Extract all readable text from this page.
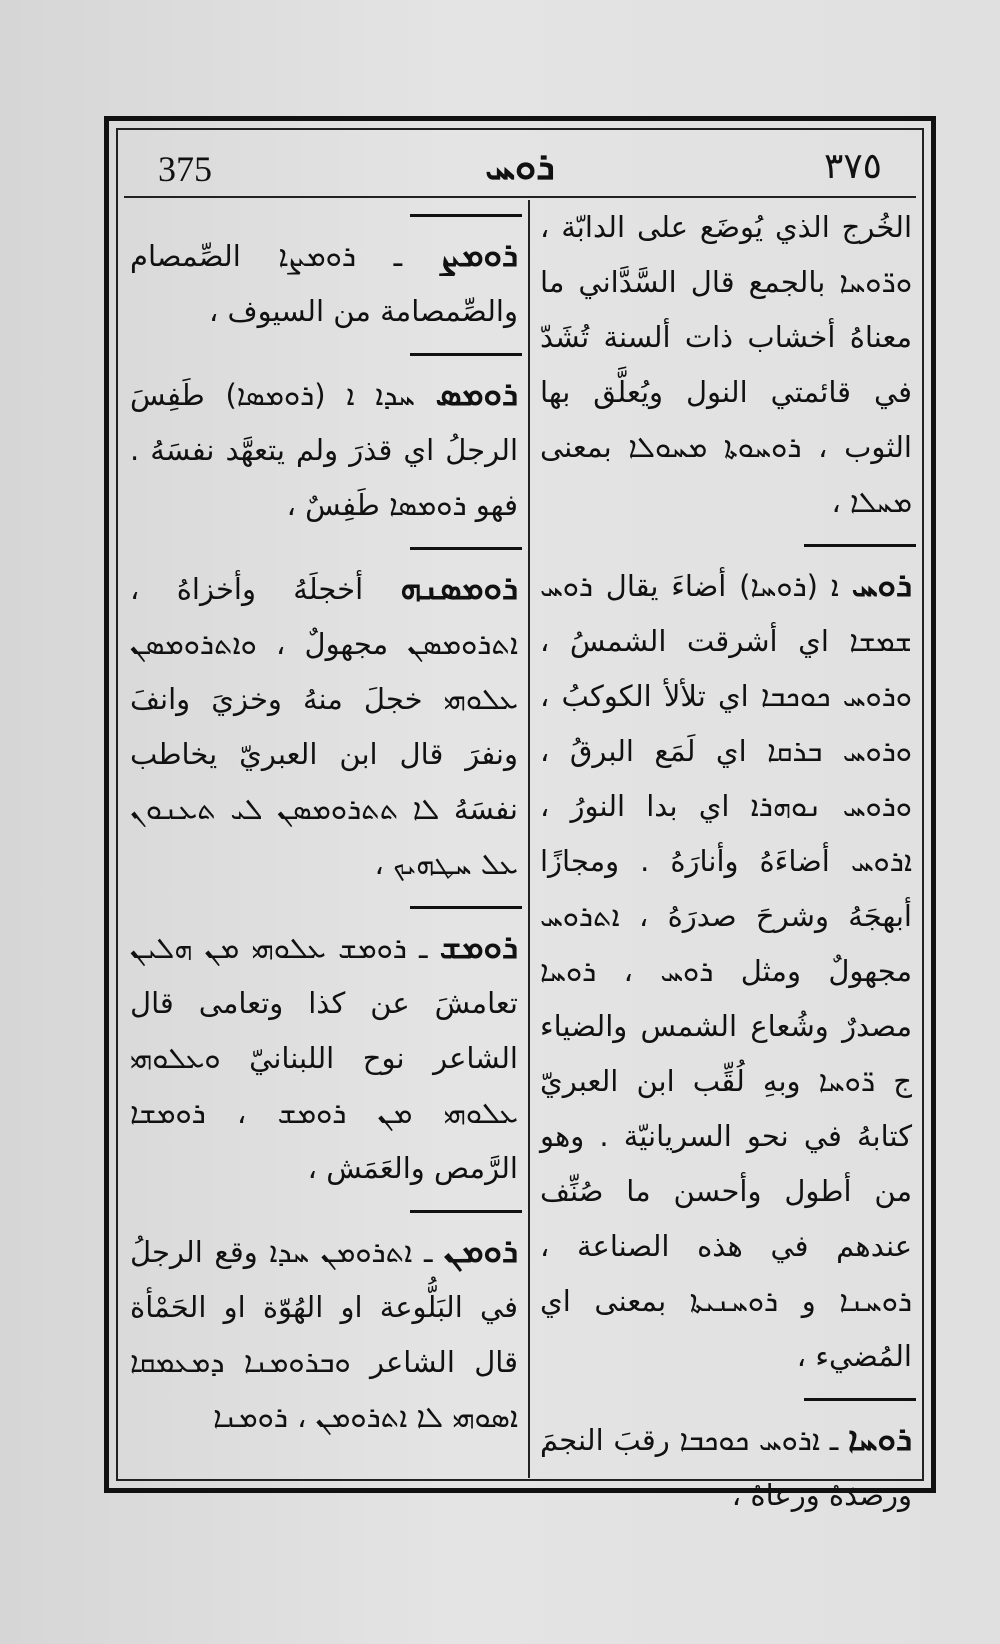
375	ܪܘܚ	٣٧٥

الخُرج الذي يُوضَع على الدابّة ، ܘܪ̈ܘܚܐ بالجمع قال السَّدَّاني ما معناهُ أخشاب ذات ألسنة تُشَدّ في قائمتي النول ويُعلَّق بها الثوب ، ܪܘܚܘܬܐ ܡܚܘܠܐ بمعنى ܡܚܠܐ ،

ܪܘܚ ܐ (ܪܘܚܐ) أضاءَ يقال ܪܘܚ ܫܡܫܐ اي أشرقت الشمسُ ، ܘܪܘܚ ܟܘܟܒܐ اي تلألأ الكوكبُ ، ܘܪܘܚ ܒܪܩܐ اي لَمَع البرقُ ، ܘܪܘܚ ܢܘܗܪܐ اي بدا النورُ ، ܐܪܘܚ أضاءَهُ وأنارَهُ . ومجازًا أبهجَهُ وشرحَ صدرَهُ ، ܐܬܪܘܚ مجهولٌ ومثل ܪܘܚ ، ܪܘܚܐ مصدرٌ وشُعاع الشمس والضياء ج ܪ̈ܘܚܐ وبهِ لُقِّب ابن العبريّ كتابهُ في نحو السريانيّة . وهو من أطول وأحسن ما صُنِّف عندهم في هذه الصناعة ، ܪܘܚܢܐ و ܪܘܚܢܝܬܐ بمعنى اي المُضيء ،

ܪܘܚܐ ـ ܐܪܘܚ ܟܘܟܒܐ رقبَ النجمَ ورصدَهُ ورعاهُ ،

ܪܘܡܨ ـ ܪܘܡܨܐ الصِّمصام والصِّمصامة من السيوف ،

ܪܘܡܣ ܚܕܐ ܐ (ܪܘܡܣܐ) طَفِسَ الرجلُ اي قذرَ ولم يتعهَّد نفسَهُ . فهو ܪܘܡܣܐ طَفِسٌ ،

ܪܘܡܣܢܗ أخجلَهُ وأخزاهُ ، ܐܬܪܘܡܣܢ مجهولٌ ، ܘܐܬܪܘܡܣܢ ܥܠܘܗܝ خجلَ منهُ وخزيَ وانفَ ونفرَ قال ابن العبريّ يخاطب نفسَهُ ܠܐ ܬܬܪܘܡܣܢ ܠܝ ܬܥܢܘܢ ܥܠ ܚܛܗܝܟ ،

ܪܘܡܫ ـ ܪܘܡܫ ܥܠܘܗܝ ܡܢ ܗܠܝܢ تعامشَ عن كذا وتعامى قال الشاعر نوح اللبنانيّ ܘܥܠܘܗܝ ܥܠܘܗܝ ܡܢ ܪܘܡܫ ، ܪܘܡܫܐ الرَّمص والعَمَش ،

ܪܘܡܢ ـ ܐܬܪܘܡܢ ܚܕܐ وقع الرجلُ في البَلُّوعة او الهُوّة او الحَمْأة قال الشاعر ܘܒܪܘܡܢܐ ܕܡܥܡܩܐ ܐܣܘܗܝ ܠܐ ܐܬܪܘܡܢ ، ܪܘܡܢܐ
